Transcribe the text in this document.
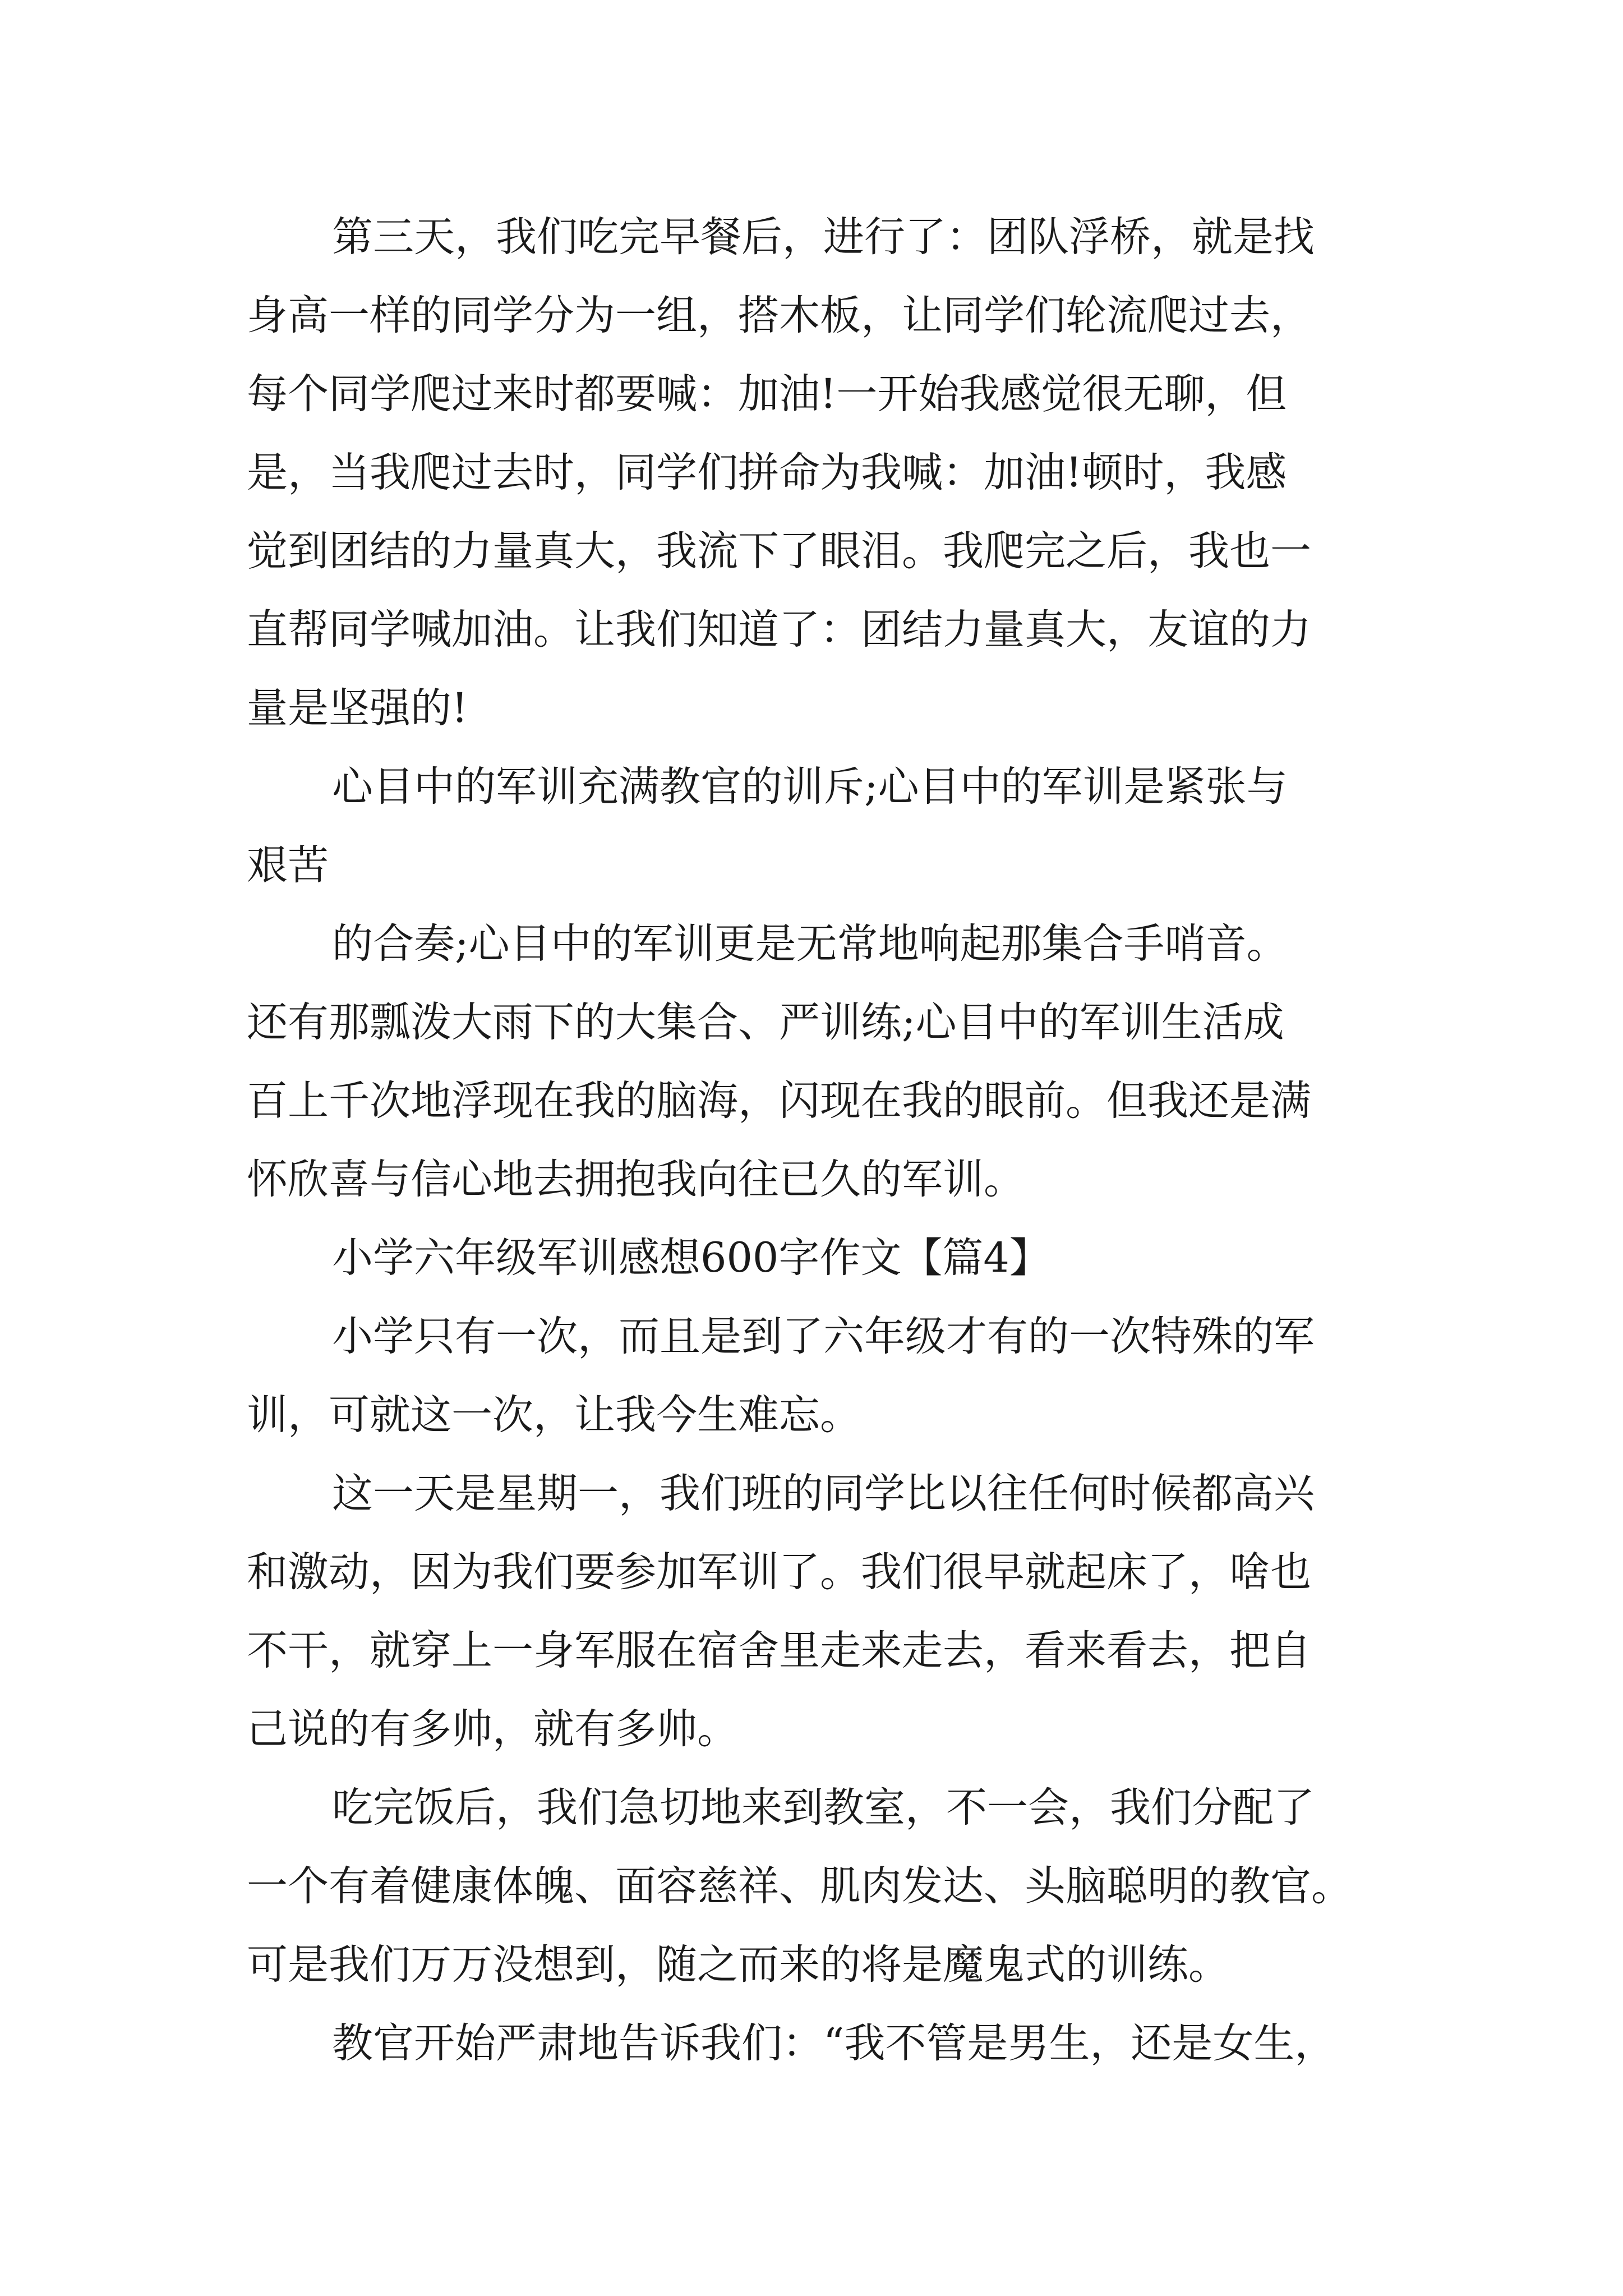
第三天，我们吃完早餐后，进行了：团队浮桥，就是找
身高一样的同学分为一组，搭木板，让同学们轮流爬过去，
每个同学爬过来时都要喊：加油!一开始我感觉很无聊，但
是，当我爬过去时，同学们拼命为我喊：加油!顿时，我感
觉到团结的力量真大，我流下了眼泪。我爬完之后，我也一
直帮同学喊加油。让我们知道了：团结力量真大，友谊的力
量是坚强的!
心目中的军训充满教官的训斥;心目中的军训是紧张与
艰苦
的合奏;心目中的军训更是无常地响起那集合手哨音。
还有那瓢泼大雨下的大集合、严训练;心目中的军训生活成
百上千次地浮现在我的脑海，闪现在我的眼前。但我还是满
怀欣喜与信心地去拥抱我向往已久的军训。
小学六年级军训感想600字作文【篇4】
小学只有一次，而且是到了六年级才有的一次特殊的军
训，可就这一次，让我今生难忘。
这一天是星期一，我们班的同学比以往任何时候都高兴
和激动，因为我们要参加军训了。我们很早就起床了，啥也
不干，就穿上一身军服在宿舍里走来走去，看来看去，把自
己说的有多帅，就有多帅。
吃完饭后，我们急切地来到教室，不一会，我们分配了
一个有着健康体魄、面容慈祥、肌肉发达、头脑聪明的教官。
可是我们万万没想到，随之而来的将是魔鬼式的训练。
教官开始严肃地告诉我们：“我不管是男生，还是女生，
